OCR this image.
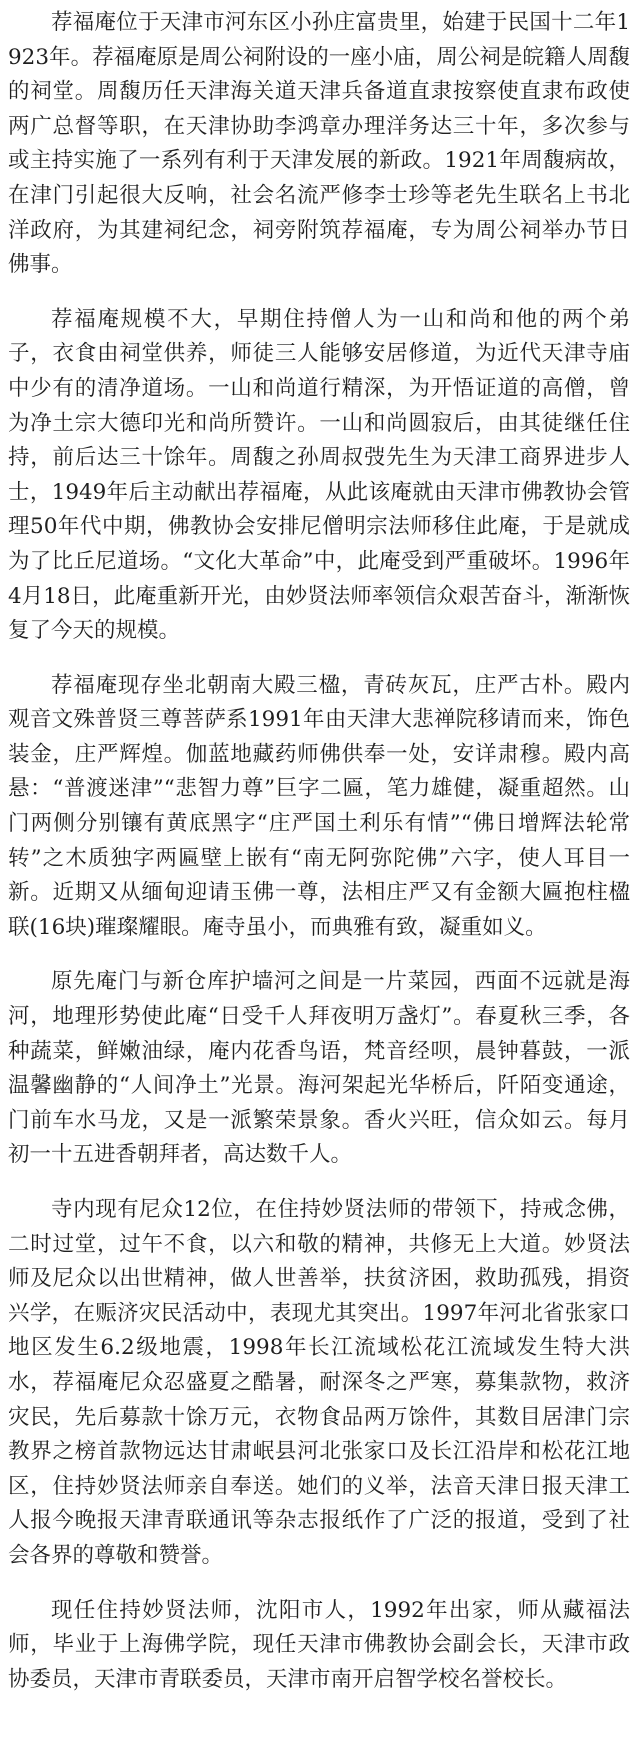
荐福庵位于天津市河东区小孙庄富贵里，始建于民国十二年1923年。荐福庵原是周公祠附设的一座小庙，周公祠是皖籍人周馥的祠堂。周馥历任天津海关道天津兵备道直隶按察使直隶布政使两广总督等职，在天津协助李鸿章办理洋务达三十年，多次参与或主持实施了一系列有利于天津发展的新政。1921年周馥病故，在津门引起很大反响，社会名流严修李士珍等老先生联名上书北洋政府，为其建祠纪念，祠旁附筑荐福庵，专为周公祠举办节日佛事。

荐福庵规模不大，早期住持僧人为一山和尚和他的两个弟子，衣食由祠堂供养，师徒三人能够安居修道，为近代天津寺庙中少有的清净道场。一山和尚道行精深，为开悟证道的高僧，曾为净土宗大德印光和尚所赞许。一山和尚圆寂后，由其徒继任住持，前后达三十馀年。周馥之孙周叔弢先生为天津工商界进步人士，1949年后主动献出荐福庵，从此该庵就由天津市佛教协会管理50年代中期，佛教协会安排尼僧明宗法师移住此庵，于是就成为了比丘尼道场。“文化大革命”中，此庵受到严重破坏。1996年4月18日，此庵重新开光，由妙贤法师率领信众艰苦奋斗，渐渐恢复了今天的规模。

荐福庵现存坐北朝南大殿三楹，青砖灰瓦，庄严古朴。殿内观音文殊普贤三尊菩萨系1991年由天津大悲禅院移请而来，饰色装金，庄严辉煌。伽蓝地藏药师佛供奉一处，安详肃穆。殿内高悬：“普渡迷津”“悲智力尊”巨字二匾，笔力雄健，凝重超然。山门两侧分别镶有黄底黑字“庄严国土利乐有情”“佛日增辉法轮常转”之木质独字两匾壁上嵌有“南无阿弥陀佛”六字，使人耳目一新。近期又从缅甸迎请玉佛一尊，法相庄严又有金额大匾抱柱楹联(16块)璀璨耀眼。庵寺虽小，而典雅有致，凝重如义。

原先庵门与新仓库护墙河之间是一片菜园，西面不远就是海河，地理形势使此庵“日受千人拜夜明万盏灯”。春夏秋三季，各种蔬菜，鲜嫩油绿，庵内花香鸟语，梵音经呗，晨钟暮鼓，一派温馨幽静的“人间净土”光景。海河架起光华桥后，阡陌变通途，门前车水马龙，又是一派繁荣景象。香火兴旺，信众如云。每月初一十五进香朝拜者，高达数千人。

寺内现有尼众12位，在住持妙贤法师的带领下，持戒念佛，二时过堂，过午不食，以六和敬的精神，共修无上大道。妙贤法师及尼众以出世精神，做人世善举，扶贫济困，救助孤残，捐资兴学，在赈济灾民活动中，表现尤其突出。1997年河北省张家口地区发生6.2级地震，1998年长江流域松花江流域发生特大洪水，荐福庵尼众忍盛夏之酷暑，耐深冬之严寒，募集款物，救济灾民，先后募款十馀万元，衣物食品两万馀件，其数目居津门宗教界之榜首款物远达甘肃岷县河北张家口及长江沿岸和松花江地区，住持妙贤法师亲自奉送。她们的义举，法音天津日报天津工人报今晚报天津青联通讯等杂志报纸作了广泛的报道，受到了社会各界的尊敬和赞誉。

现任住持妙贤法师，沈阳市人，1992年出家，师从藏福法师，毕业于上海佛学院，现任天津市佛教协会副会长，天津市政协委员，天津市青联委员，天津市南开启智学校名誉校长。
